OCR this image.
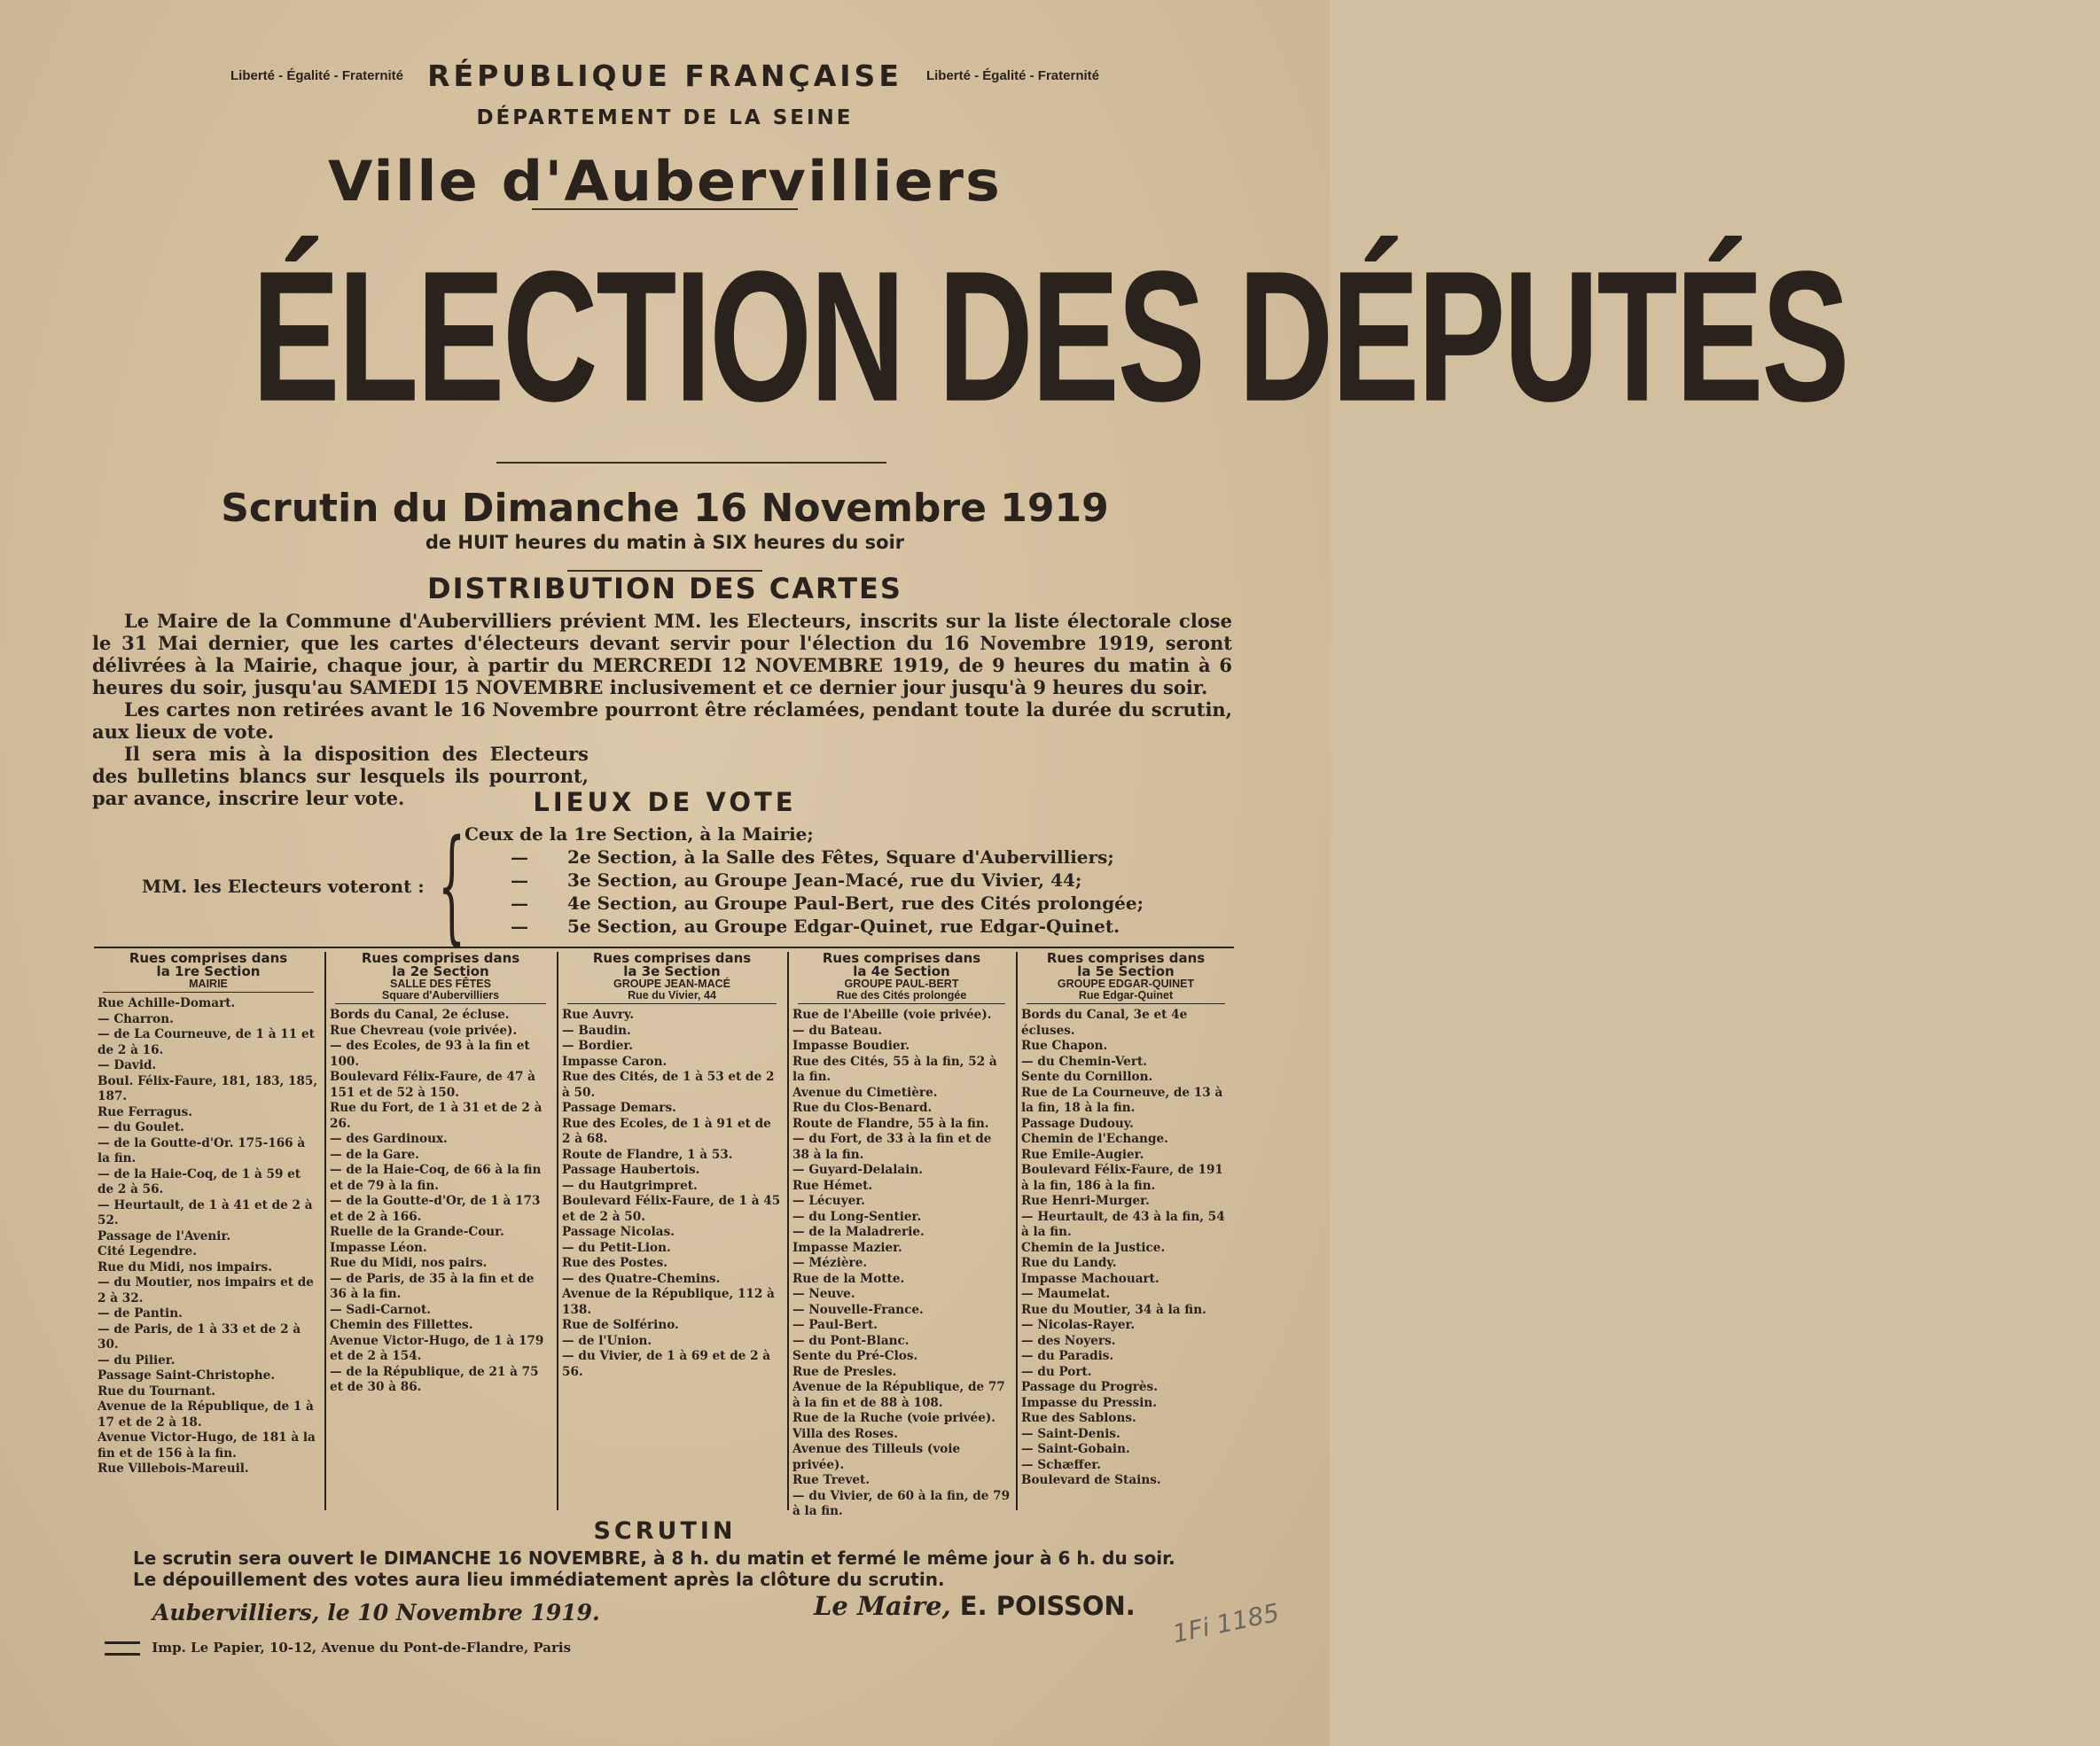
Liberté - Égalité - Fraternité RÉPUBLIQUE FRANÇAISE Liberté - Égalité - Fraternité
DÉPARTEMENT DE LA SEINE
Ville d'Aubervilliers
ÉLECTION DES DÉPUTÉS
Scrutin du Dimanche 16 Novembre 1919
de HUIT heures du matin à SIX heures du soir
DISTRIBUTION DES CARTES

Le Maire de la Commune d'Aubervilliers prévient MM. les Electeurs, inscrits sur la liste électorale close le 31 Mai dernier, que les cartes d'électeurs devant servir pour l'élection du 16 Novembre 1919, seront délivrées à la Mairie, chaque jour, à partir du MERCREDI 12 NOVEMBRE 1919, de 9 heures du matin à 6 heures du soir, jusqu'au SAMEDI 15 NOVEMBRE inclusivement et ce dernier jour jusqu'à 9 heures du soir.

Les cartes non retirées avant le 16 Novembre pourront être réclamées, pendant toute la durée du scrutin, aux lieux de vote.

Il sera mis à la disposition des Electeurs des bulletins blancs sur lesquels ils pourront, par avance, inscrire leur vote.	LIEUX DE VOTE
MM. les Electeurs voteront : {
Ceux de la 1re Section, à la Mairie;
— 2e Section, à la Salle des Fêtes, Square d'Aubervilliers;
— 3e Section, au Groupe Jean-Macé, rue du Vivier, 44;
— 4e Section, au Groupe Paul-Bert, rue des Cités prolongée;
— 5e Section, au Groupe Edgar-Quinet, rue Edgar-Quinet.
Rues comprises dans
la 1re Section
MAIRIE
Rue Achille-Domart.
— Charron.
— de La Courneuve, de 1 à 11 et de 2 à 16.
— David.
Boul. Félix-Faure, 181, 183, 185, 187.
Rue Ferragus.
— du Goulet.
— de la Goutte-d'Or. 175-166 à la fin.
— de la Haie-Coq, de 1 à 59 et de 2 à 56.
— Heurtault, de 1 à 41 et de 2 à 52.
Passage de l'Avenir.
Cité Legendre.
Rue du Midi, nos impairs.
— du Moutier, nos impairs et de 2 à 32.
— de Pantin.
— de Paris, de 1 à 33 et de 2 à 30.
— du Pilier.
Passage Saint-Christophe.
Rue du Tournant.
Avenue de la République, de 1 à 17 et de 2 à 18.
Avenue Victor-Hugo, de 181 à la fin et de 156 à la fin.
Rue Villebois-Mareuil.
Rues comprises dans
la 2e Section
SALLE DES FÊTES
Square d'Aubervilliers
Bords du Canal, 2e écluse.
Rue Chevreau (voie privée).
— des Ecoles, de 93 à la fin et 100.
Boulevard Félix-Faure, de 47 à 151 et de 52 à 150.
Rue du Fort, de 1 à 31 et de 2 à 26.
— des Gardinoux.
— de la Gare.
— de la Haie-Coq, de 66 à la fin et de 79 à la fin.
— de la Goutte-d'Or, de 1 à 173 et de 2 à 166.
Ruelle de la Grande-Cour.
Impasse Léon.
Rue du Midi, nos pairs.
— de Paris, de 35 à la fin et de 36 à la fin.
— Sadi-Carnot.
Chemin des Fillettes.
Avenue Victor-Hugo, de 1 à 179 et de 2 à 154.
— de la République, de 21 à 75 et de 30 à 86.
Rues comprises dans
la 3e Section
GROUPE JEAN-MACÉ
Rue du Vivier, 44
Rue Auvry.
— Baudin.
— Bordier.
Impasse Caron.
Rue des Cités, de 1 à 53 et de 2 à 50.
Passage Demars.
Rue des Ecoles, de 1 à 91 et de 2 à 68.
Route de Flandre, 1 à 53.
Passage Haubertois.
— du Hautgrimpret.
Boulevard Félix-Faure, de 1 à 45 et de 2 à 50.
Passage Nicolas.
— du Petit-Lion.
Rue des Postes.
— des Quatre-Chemins.
Avenue de la République, 112 à 138.
Rue de Solférino.
— de l'Union.
— du Vivier, de 1 à 69 et de 2 à 56.
Rues comprises dans
la 4e Section
GROUPE PAUL-BERT
Rue des Cités prolongée
Rue de l'Abeille (voie privée).
— du Bateau.
Impasse Boudier.
Rue des Cités, 55 à la fin, 52 à la fin.
Avenue du Cimetière.
Rue du Clos-Benard.
Route de Flandre, 55 à la fin.
— du Fort, de 33 à la fin et de 38 à la fin.
— Guyard-Delalain.
Rue Hémet.
— Lécuyer.
— du Long-Sentier.
— de la Maladrerie.
Impasse Mazier.
— Mézière.
Rue de la Motte.
— Neuve.
— Nouvelle-France.
— Paul-Bert.
— du Pont-Blanc.
Sente du Pré-Clos.
Rue de Presles.
Avenue de la République, de 77 à la fin et de 88 à 108.
Rue de la Ruche (voie privée).
Villa des Roses.
Avenue des Tilleuls (voie privée).
Rue Trevet.
— du Vivier, de 60 à la fin, de 79 à la fin.
Rues comprises dans
la 5e Section
GROUPE EDGAR-QUINET
Rue Edgar-Quinet
Bords du Canal, 3e et 4e écluses.
Rue Chapon.
— du Chemin-Vert.
Sente du Cornillon.
Rue de La Courneuve, de 13 à la fin, 18 à la fin.
Passage Dudouy.
Chemin de l'Echange.
Rue Emile-Augier.
Boulevard Félix-Faure, de 191 à la fin, 186 à la fin.
Rue Henri-Murger.
— Heurtault, de 43 à la fin, 54 à la fin.
Chemin de la Justice.
Rue du Landy.
Impasse Machouart.
— Maumelat.
Rue du Moutier, 34 à la fin.
— Nicolas-Rayer.
— des Noyers.
— du Paradis.
— du Port.
Passage du Progrès.
Impasse du Pressin.
Rue des Sablons.
— Saint-Denis.
— Saint-Gobain.
— Schæffer.
Boulevard de Stains.
SCRUTIN
Le scrutin sera ouvert le DIMANCHE 16 NOVEMBRE, à 8 h. du matin et fermé le même jour à 6 h. du soir.
Le dépouillement des votes aura lieu immédiatement après la clôture du scrutin.
Aubervilliers, le 10 Novembre 1919.	Le Maire, E. POISSON.
Imp. Le Papier, 10-12, Avenue du Pont-de-Flandre, Paris	1Fi 1185
